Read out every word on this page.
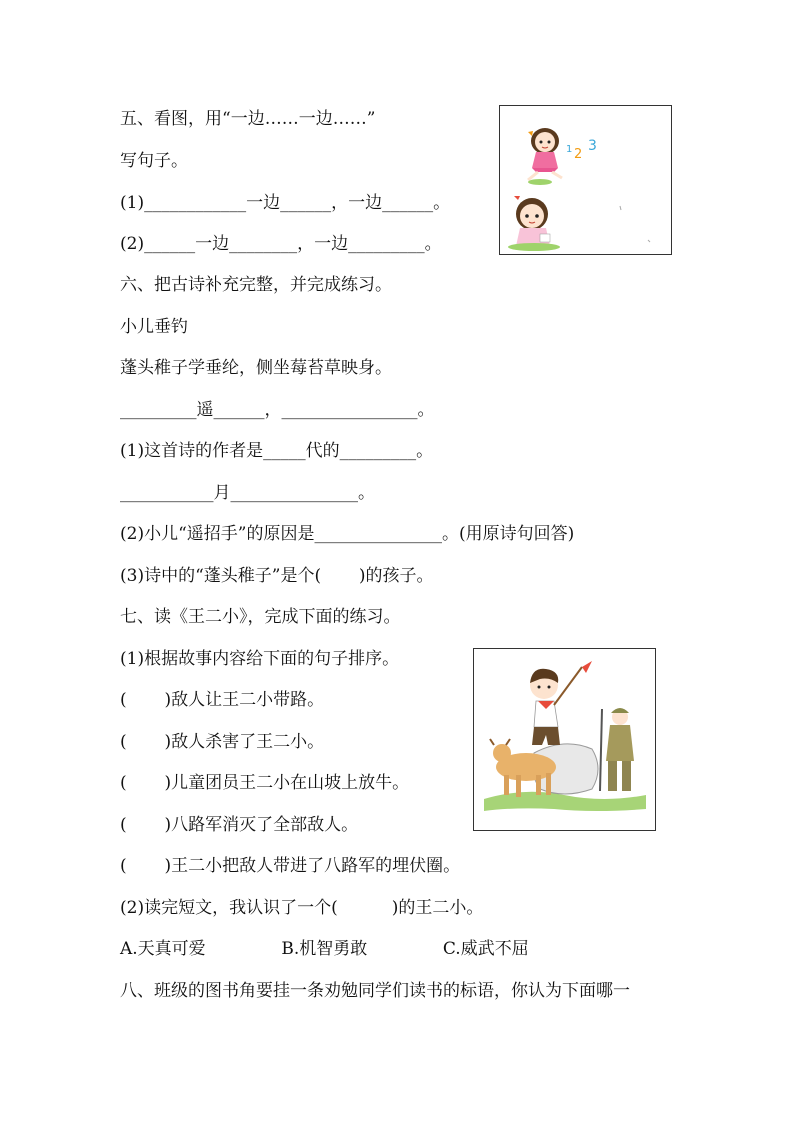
五、看图，用“一边……一边……”
写句子。
(1)____________一边______，一边______。
(2)______一边________，一边_________。
1 2
3
六、把古诗补充完整，并完成练习。
小儿垂钓
蓬头稚子学垂纶，侧坐莓苔草映身。
_________遥______，________________。
(1)这首诗的作者是_____代的_________。
___________月_______________。
(2)小儿“遥招手”的原因是_______________。(用原诗句回答)
(3)诗中的“蓬头稚子”是个(       )的孩子。
七、读《王二小》，完成下面的练习。
(1)根据故事内容给下面的句子排序。
(       )敌人让王二小带路。
(       )敌人杀害了王二小。
(       )儿童团员王二小在山坡上放牛。
(       )八路军消灭了全部敌人。
(       )王二小把敌人带进了八路军的埋伏圈。
(2)读完短文，我认识了一个(          )的王二小。
A.天真可爱              B.机智勇敢              C.威武不屈
八、班级的图书角要挂一条劝勉同学们读书的标语，你认为下面哪一
